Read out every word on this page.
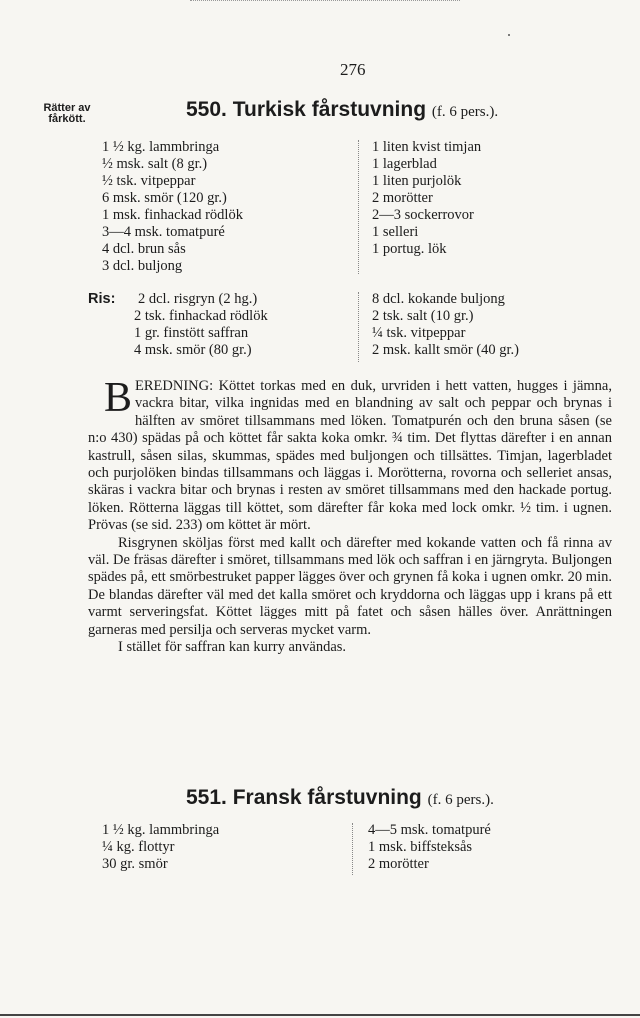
276
Rätter av
fårkött.	550. Turkisk fårstuvning (f. 6 pers.).
1 ½ kg. lammbringa
½ msk. salt (8 gr.)
½ tsk. vitpeppar
6 msk. smör (120 gr.)
1 msk. finhackad rödlök
3—4 msk. tomatpuré
4 dcl. brun sås
3 dcl. buljong
1 liten kvist timjan
1 lagerblad
1 liten purjolök
2 morötter
2—3 sockerrovor
1 selleri
1 portug. lök
Ris:	2 dcl. risgryn (2 hg.)
2 tsk. finhackad rödlök
1 gr. finstött saffran
4 msk. smör (80 gr.)
8 dcl. kokande buljong
2 tsk. salt (10 gr.)
¼ tsk. vitpeppar
2 msk. kallt smör (40 gr.)

BEREDNING: Köttet torkas med en duk, urvriden i hett vatten, hugges i jämna, vackra bitar, vilka ingnidas med en blandning av salt och peppar och brynas i hälften av smöret tillsammans med löken. Tomatpurén och den bruna såsen (se n:o 430) spädas på och köttet får sakta koka omkr. ¾ tim. Det flyttas därefter i en annan kastrull, såsen silas, skummas, spädes med buljongen och tillsättes. Timjan, lagerbladet och purjolöken bindas tillsammans och läggas i. Morötterna, rovorna och selleriet ansas, skäras i vackra bitar och brynas i resten av smöret tillsammans med den hackade portug. löken. Rötterna läggas till köttet, som därefter får koka med lock omkr. ½ tim. i ugnen. Prövas (se sid. 233) om köttet är mört.

Risgrynen sköljas först med kallt och därefter med kokande vatten och få rinna av väl. De fräsas därefter i smöret, tillsammans med lök och saffran i en järngryta. Buljongen spädes på, ett smörbestruket papper lägges över och grynen få koka i ugnen omkr. 20 min. De blandas därefter väl med det kalla smöret och kryddorna och läggas upp i krans på ett varmt serveringsfat. Köttet lägges mitt på fatet och såsen hälles över. Anrättningen garneras med persilja och serveras mycket varm.

I stället för saffran kan kurry användas.

551. Fransk fårstuvning (f. 6 pers.).
1 ½ kg. lammbringa
¼ kg. flottyr
30 gr. smör
4—5 msk. tomatpuré
1 msk. biffsteksås
2 morötter
